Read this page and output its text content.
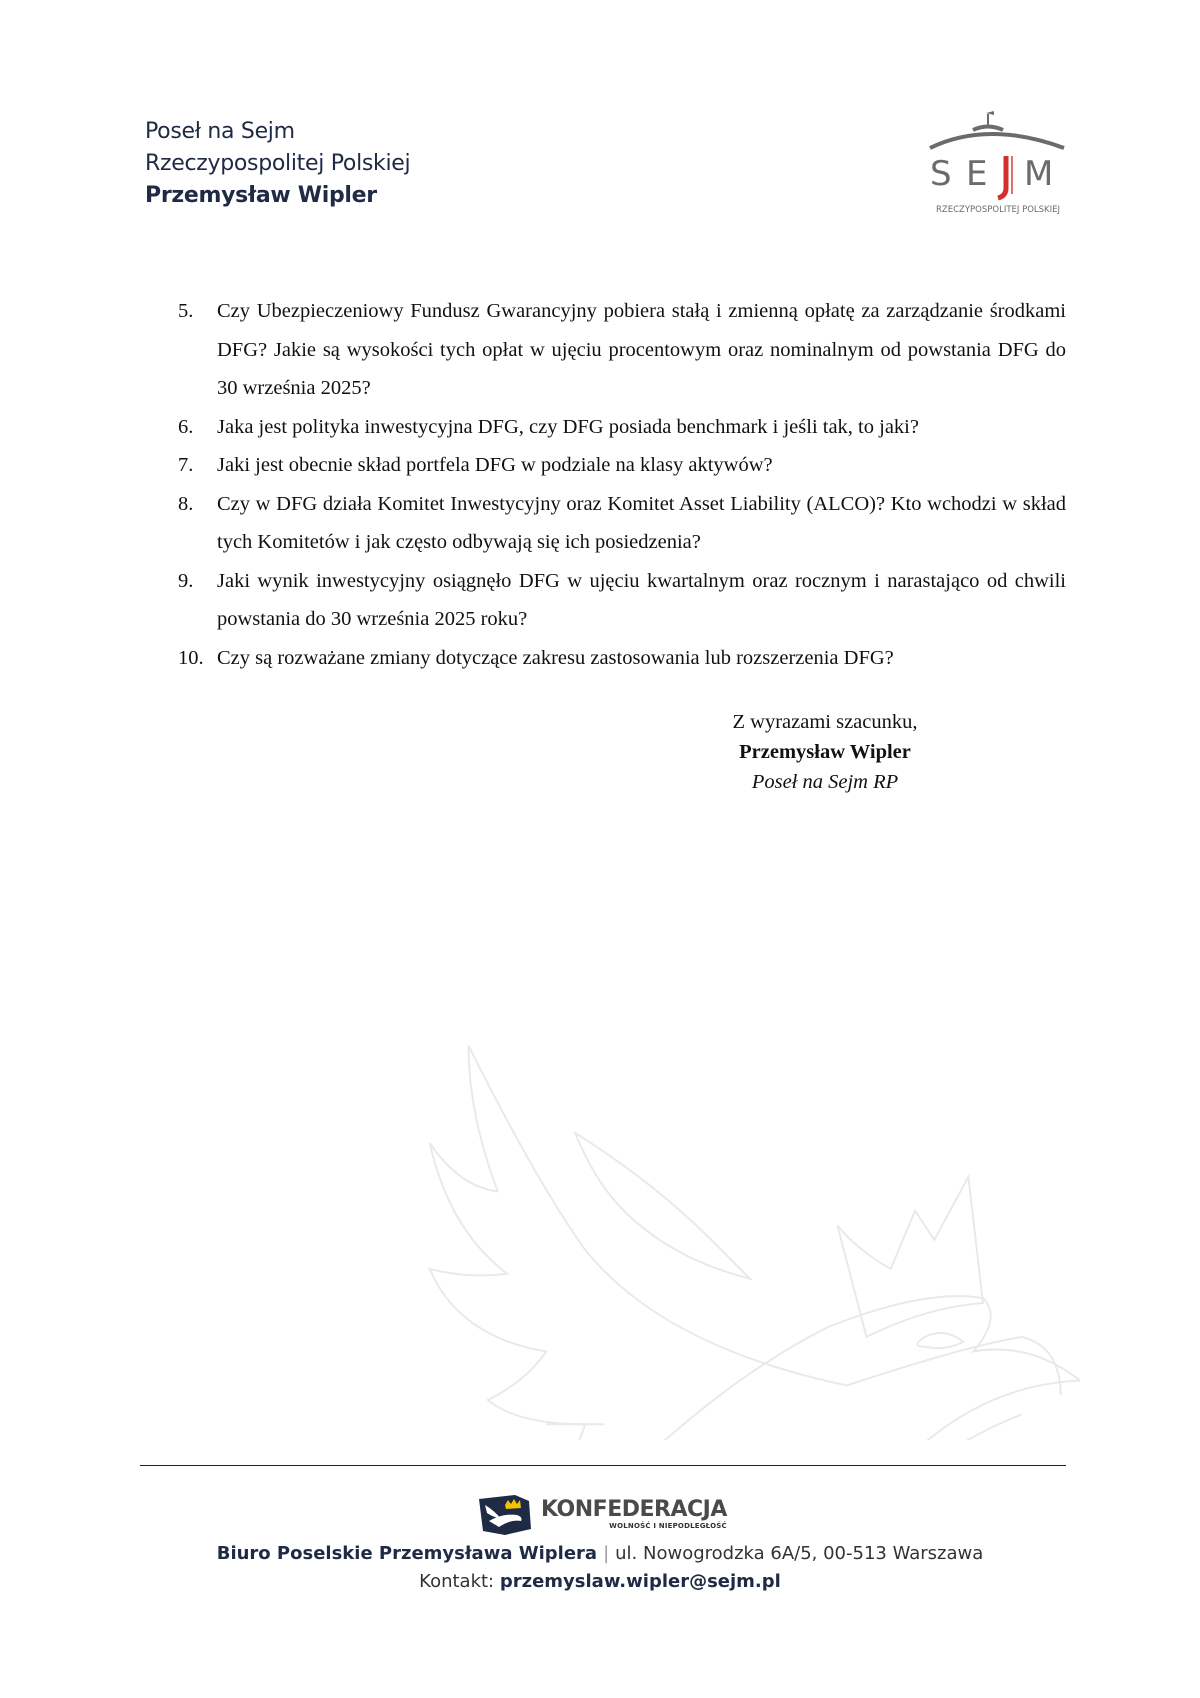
Poseł na Sejm
Rzeczypospolitej Polskiej
Przemysław Wipler
S E M
RZECZYPOSPOLITEJ POLSKIEJ
5. Czy Ubezpieczeniowy Fundusz Gwarancyjny pobiera stałą i zmienną opłatę za zarządzanie środkami DFG? Jakie są wysokości tych opłat w ujęciu procentowym oraz nominalnym od powstania DFG do 30 września 2025?
6. Jaka jest polityka inwestycyjna DFG, czy DFG posiada benchmark i jeśli tak, to jaki?
7. Jaki jest obecnie skład portfela DFG w podziale na klasy aktywów?
8. Czy w DFG działa Komitet Inwestycyjny oraz Komitet Asset Liability (ALCO)? Kto wchodzi w skład tych Komitetów i jak często odbywają się ich posiedzenia?
9. Jaki wynik inwestycyjny osiągnęło DFG w ujęciu kwartalnym oraz rocznym i narastająco od chwili powstania do 30 września 2025 roku?
10. Czy są rozważane zmiany dotyczące zakresu zastosowania lub rozszerzenia DFG?
Z wyrazami szacunku,
Przemysław Wipler
Poseł na Sejm RP
KONFEDERACJA
WOLNOŚĆ I NIEPODLEGŁOŚĆ
Biuro Poselskie Przemysława Wiplera | ul. Nowogrodzka 6A/5, 00-513 Warszawa
Kontakt: przemyslaw.wipler@sejm.pl
